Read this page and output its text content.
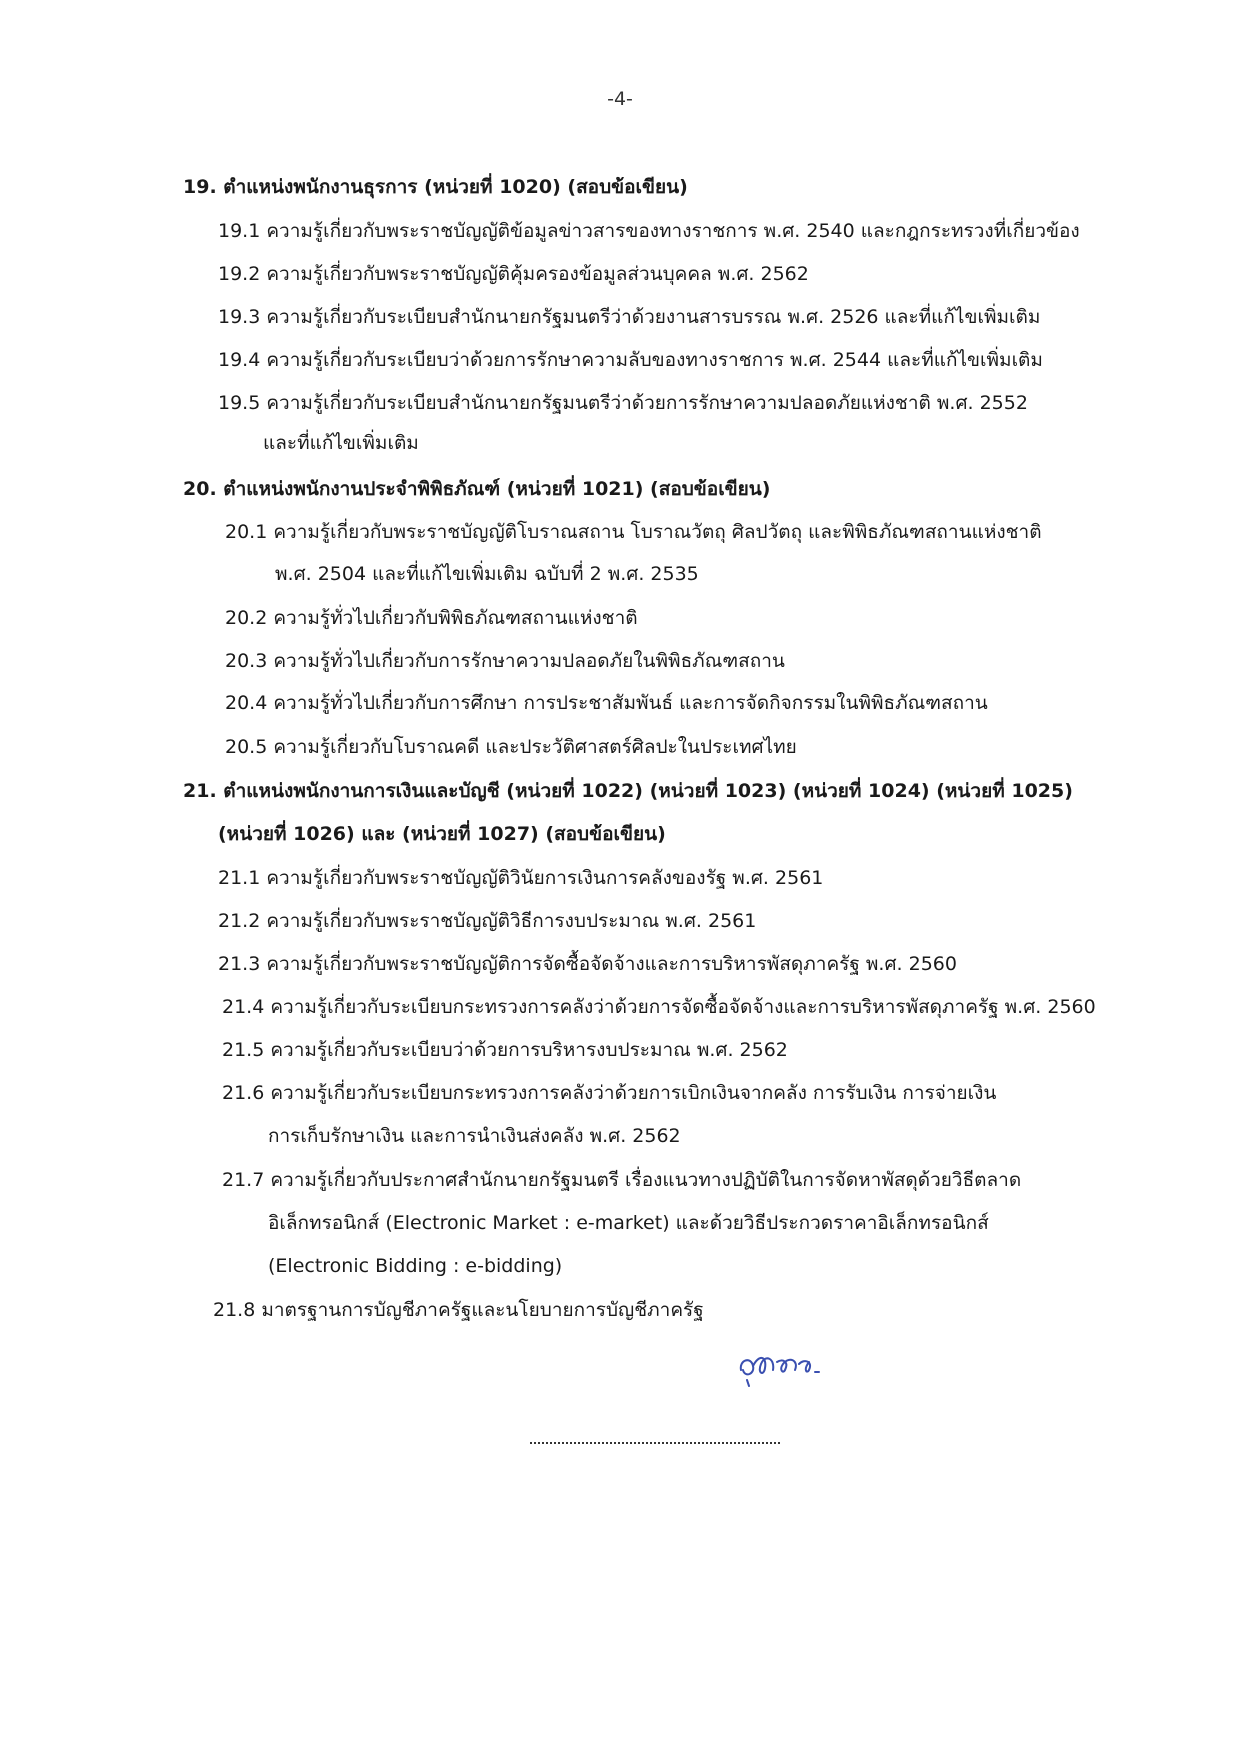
-4-
19. ตำแหน่งพนักงานธุรการ (หน่วยที่ 1020) (สอบข้อเขียน)
19.1 ความรู้เกี่ยวกับพระราชบัญญัติข้อมูลข่าวสารของทางราชการ พ.ศ. 2540 และกฎกระทรวงที่เกี่ยวข้อง
19.2 ความรู้เกี่ยวกับพระราชบัญญัติคุ้มครองข้อมูลส่วนบุคคล พ.ศ. 2562
19.3 ความรู้เกี่ยวกับระเบียบสำนักนายกรัฐมนตรีว่าด้วยงานสารบรรณ พ.ศ. 2526 และที่แก้ไขเพิ่มเติม
19.4 ความรู้เกี่ยวกับระเบียบว่าด้วยการรักษาความลับของทางราชการ พ.ศ. 2544 และที่แก้ไขเพิ่มเติม
19.5 ความรู้เกี่ยวกับระเบียบสำนักนายกรัฐมนตรีว่าด้วยการรักษาความปลอดภัยแห่งชาติ พ.ศ. 2552
และที่แก้ไขเพิ่มเติม
20. ตำแหน่งพนักงานประจำพิพิธภัณฑ์ (หน่วยที่ 1021) (สอบข้อเขียน)
20.1 ความรู้เกี่ยวกับพระราชบัญญัติโบราณสถาน โบราณวัตถุ ศิลปวัตถุ และพิพิธภัณฑสถานแห่งชาติ
พ.ศ. 2504 และที่แก้ไขเพิ่มเติม ฉบับที่ 2 พ.ศ. 2535
20.2 ความรู้ทั่วไปเกี่ยวกับพิพิธภัณฑสถานแห่งชาติ
20.3 ความรู้ทั่วไปเกี่ยวกับการรักษาความปลอดภัยในพิพิธภัณฑสถาน
20.4 ความรู้ทั่วไปเกี่ยวกับการศึกษา การประชาสัมพันธ์ และการจัดกิจกรรมในพิพิธภัณฑสถาน
20.5 ความรู้เกี่ยวกับโบราณคดี และประวัติศาสตร์ศิลปะในประเทศไทย
21. ตำแหน่งพนักงานการเงินและบัญชี (หน่วยที่ 1022) (หน่วยที่ 1023) (หน่วยที่ 1024) (หน่วยที่ 1025)
(หน่วยที่ 1026) และ (หน่วยที่ 1027) (สอบข้อเขียน)
21.1 ความรู้เกี่ยวกับพระราชบัญญัติวินัยการเงินการคลังของรัฐ พ.ศ. 2561
21.2 ความรู้เกี่ยวกับพระราชบัญญัติวิธีการงบประมาณ พ.ศ. 2561
21.3 ความรู้เกี่ยวกับพระราชบัญญัติการจัดซื้อจัดจ้างและการบริหารพัสดุภาครัฐ พ.ศ. 2560
21.4 ความรู้เกี่ยวกับระเบียบกระทรวงการคลังว่าด้วยการจัดซื้อจัดจ้างและการบริหารพัสดุภาครัฐ พ.ศ. 2560
21.5 ความรู้เกี่ยวกับระเบียบว่าด้วยการบริหารงบประมาณ พ.ศ. 2562
21.6 ความรู้เกี่ยวกับระเบียบกระทรวงการคลังว่าด้วยการเบิกเงินจากคลัง การรับเงิน การจ่ายเงิน
การเก็บรักษาเงิน และการนำเงินส่งคลัง พ.ศ. 2562
21.7 ความรู้เกี่ยวกับประกาศสำนักนายกรัฐมนตรี เรื่องแนวทางปฏิบัติในการจัดหาพัสดุด้วยวิธีตลาด
อิเล็กทรอนิกส์ (Electronic Market : e-market) และด้วยวิธีประกวดราคาอิเล็กทรอนิกส์
(Electronic Bidding : e-bidding)
21.8 มาตรฐานการบัญชีภาครัฐและนโยบายการบัญชีภาครัฐ
